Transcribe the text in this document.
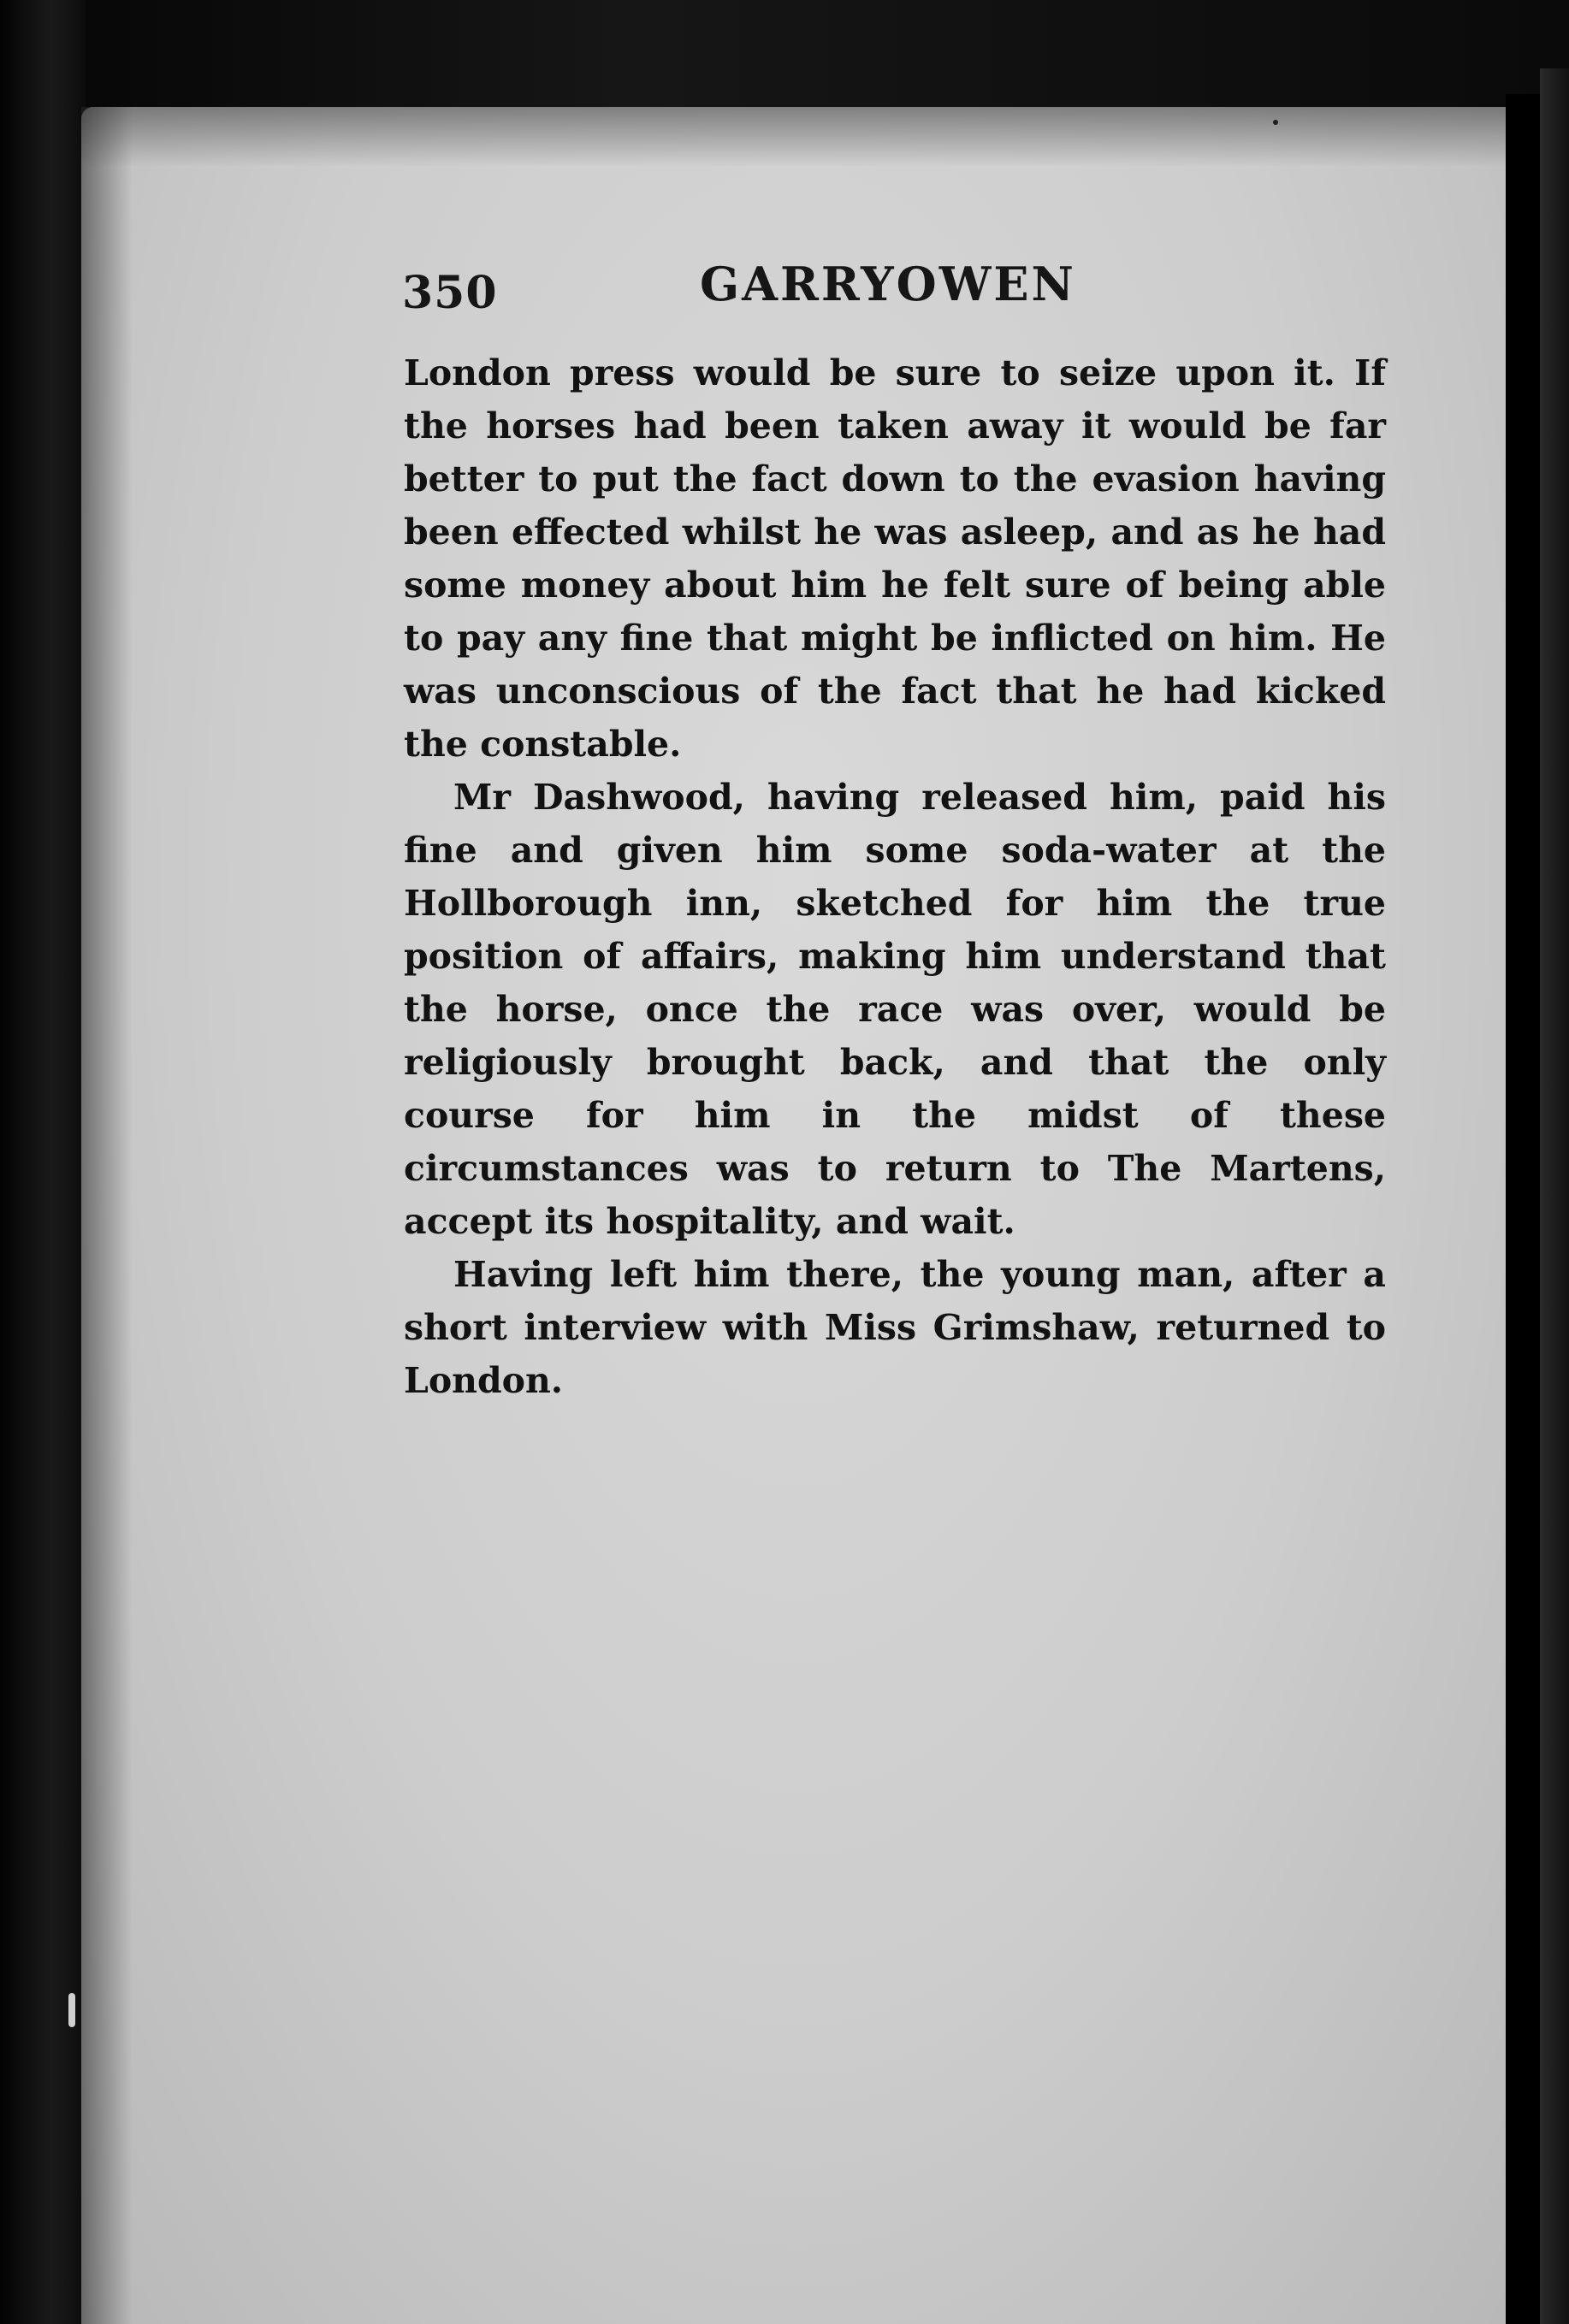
350	GARRYOWEN

London press would be sure to seize upon it. If the horses had been taken away it would be far better to put the fact down to the evasion having been effected whilst he was asleep, and as he had some money about him he felt sure of being able to pay any fine that might be inflicted on him. He was unconscious of the fact that he had kicked the constable.

Mr Dashwood, having released him, paid his fine and given him some soda-water at the Hollborough inn, sketched for him the true position of affairs, making him understand that the horse, once the race was over, would be religiously brought back, and that the only course for him in the midst of these circumstances was to return to The Martens, accept its hospitality, and wait.

Having left him there, the young man, after a short interview with Miss Grimshaw, returned to London.
